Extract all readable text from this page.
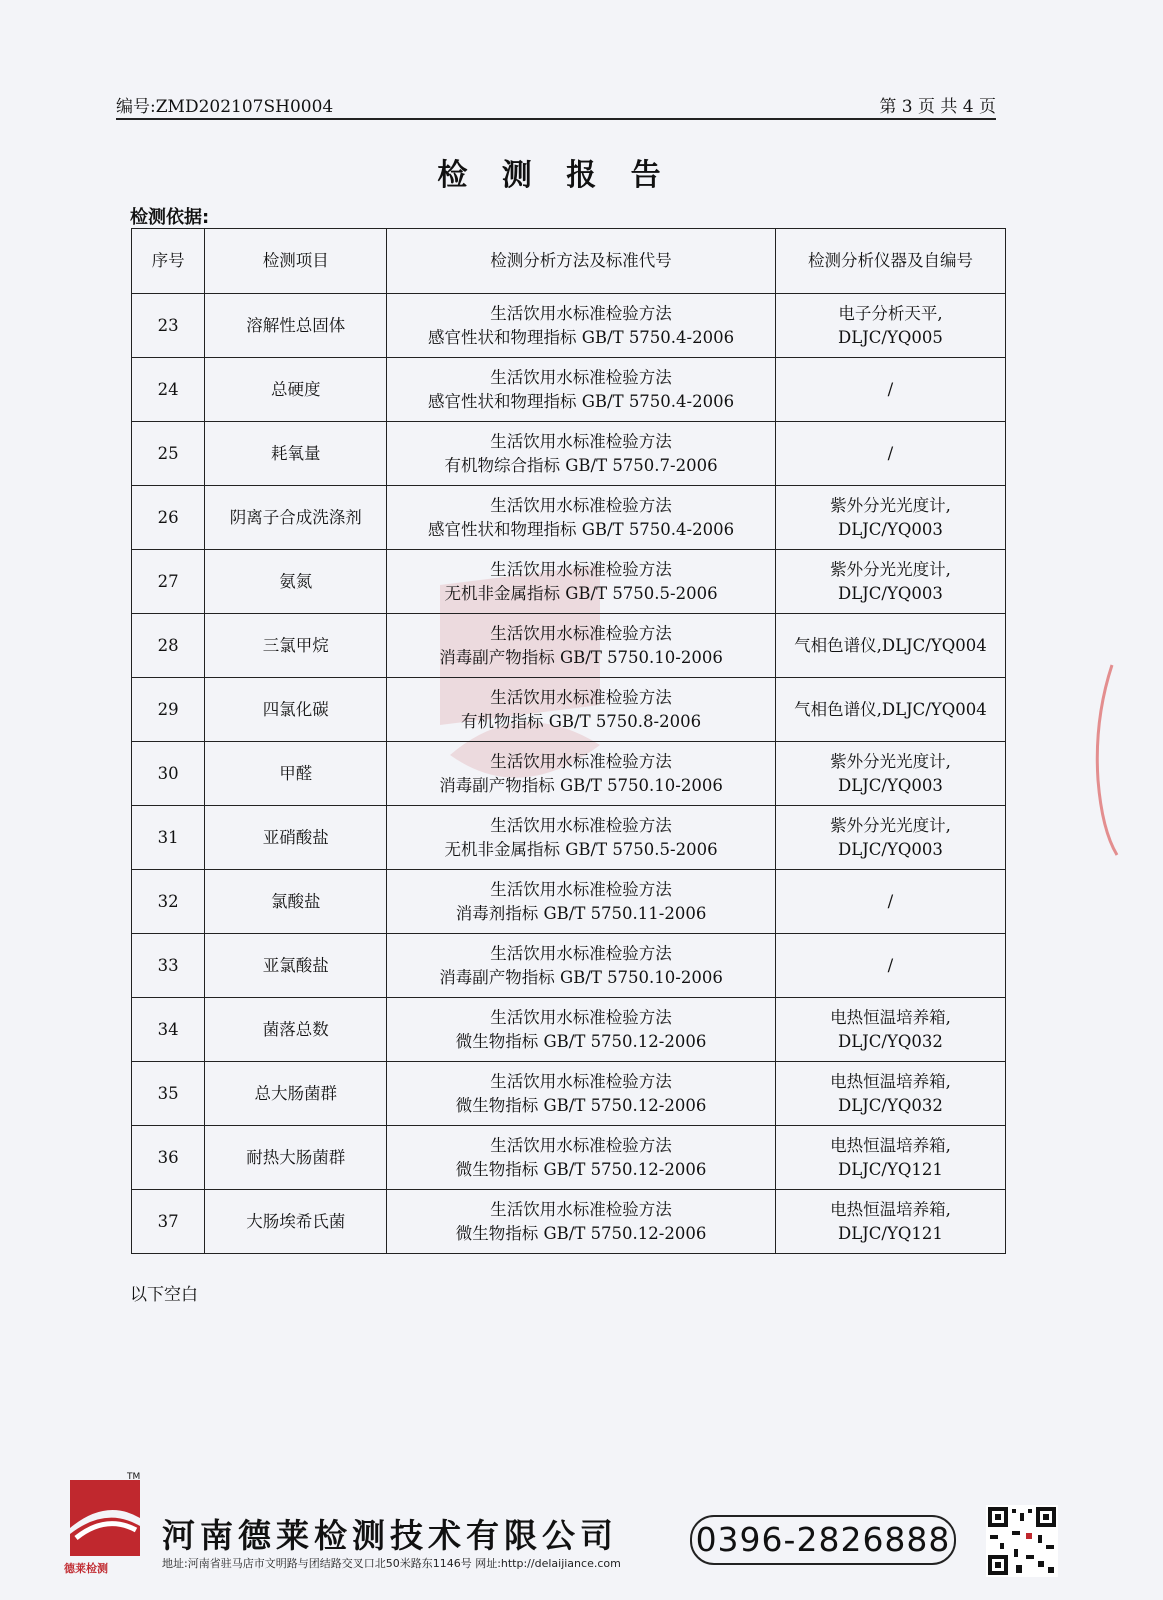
编号:ZMD202107SH0004	第 3 页 共 4 页
检 测 报 告
检测依据:
序号	检测项目	检测分析方法及标准代号	检测分析仪器及自编号
23	溶解性总固体	生活饮用水标准检验方法
感官性状和物理指标 GB/T 5750.4-2006	电子分析天平,
DLJC/YQ005

24	总硬度	生活饮用水标准检验方法
感官性状和物理指标 GB/T 5750.4-2006	/

25	耗氧量	生活饮用水标准检验方法
有机物综合指标 GB/T 5750.7-2006	/

26	阴离子合成洗涤剂	生活饮用水标准检验方法
感官性状和物理指标 GB/T 5750.4-2006	紫外分光光度计,
DLJC/YQ003

27	氨氮	生活饮用水标准检验方法
无机非金属指标 GB/T 5750.5-2006	紫外分光光度计,
DLJC/YQ003

28	三氯甲烷	生活饮用水标准检验方法
消毒副产物指标 GB/T 5750.10-2006	气相色谱仪,DLJC/YQ004

29	四氯化碳	生活饮用水标准检验方法
有机物指标 GB/T 5750.8-2006	气相色谱仪,DLJC/YQ004

30	甲醛	生活饮用水标准检验方法
消毒副产物指标 GB/T 5750.10-2006	紫外分光光度计,
DLJC/YQ003

31	亚硝酸盐	生活饮用水标准检验方法
无机非金属指标 GB/T 5750.5-2006	紫外分光光度计,
DLJC/YQ003

32	氯酸盐	生活饮用水标准检验方法
消毒剂指标 GB/T 5750.11-2006	/

33	亚氯酸盐	生活饮用水标准检验方法
消毒副产物指标 GB/T 5750.10-2006	/

34	菌落总数	生活饮用水标准检验方法
微生物指标 GB/T 5750.12-2006	电热恒温培养箱,
DLJC/YQ032

35	总大肠菌群	生活饮用水标准检验方法
微生物指标 GB/T 5750.12-2006	电热恒温培养箱,
DLJC/YQ032

36	耐热大肠菌群	生活饮用水标准检验方法
微生物指标 GB/T 5750.12-2006	电热恒温培养箱,
DLJC/YQ121

37	大肠埃希氏菌	生活饮用水标准检验方法
微生物指标 GB/T 5750.12-2006	电热恒温培养箱,
DLJC/YQ121
以下空白
TM
德莱检测
河南德莱检测技术有限公司
地址:河南省驻马店市文明路与团结路交叉口北50米路东1146号 网址:http://delaijiance.com
0396-2826888
